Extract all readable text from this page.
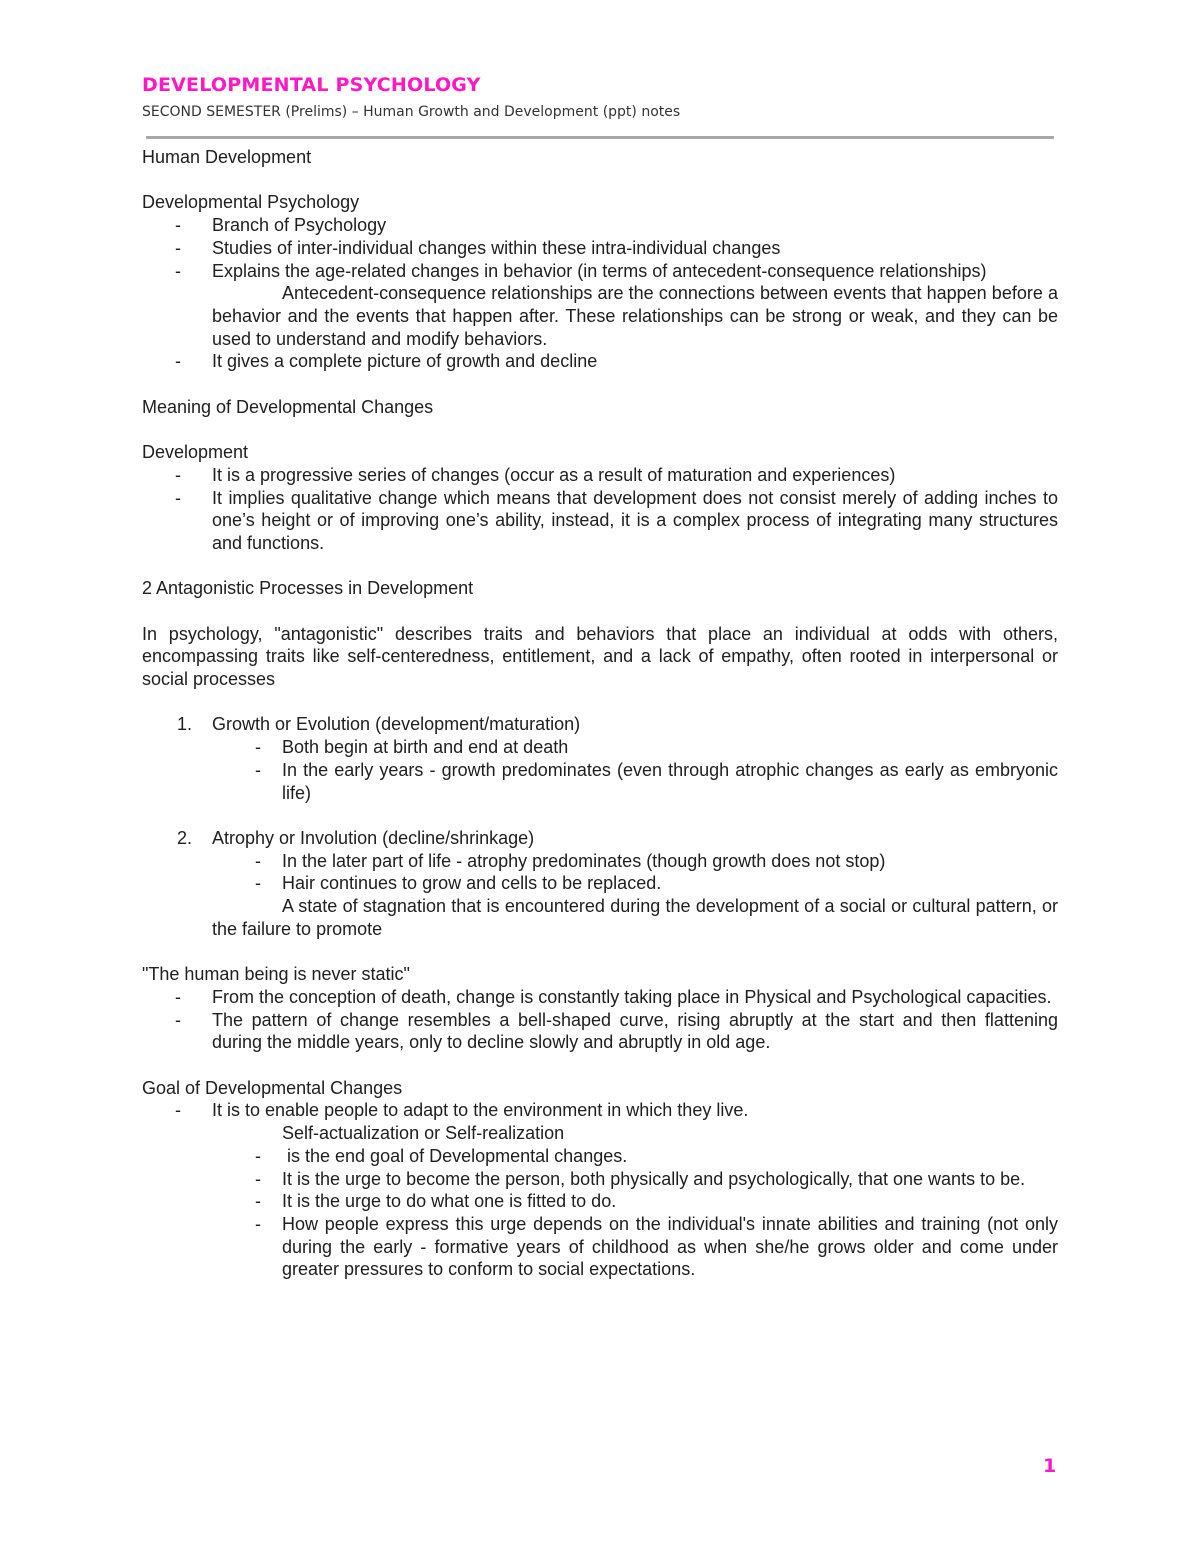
DEVELOPMENTAL PSYCHOLOGY

SECOND SEMESTER (Prelims) – Human Growth and Development (ppt) notes

Human Development

Developmental Psychology

- Branch of Psychology
- Studies of inter-individual changes within these intra-individual changes
- Explains the age-related changes in behavior (in terms of antecedent-consequence relationships)

Antecedent-consequence relationships are the connections between events that happen before a behavior and the events that happen after. These relationships can be strong or weak, and they can be used to understand and modify behaviors.

- It gives a complete picture of growth and decline

Meaning of Developmental Changes

Development

- It is a progressive series of changes (occur as a result of maturation and experiences)
- It implies qualitative change which means that development does not consist merely of adding inches to one’s height or of improving one’s ability, instead, it is a complex process of integrating many structures and functions.

2 Antagonistic Processes in Development

In psychology, "antagonistic" describes traits and behaviors that place an individual at odds with others, encompassing traits like self-centeredness, entitlement, and a lack of empathy, often rooted in interpersonal or social processes

1. Growth or Evolution (development/maturation)
- Both begin at birth and end at death
- In the early years - growth predominates (even through atrophic changes as early as embryonic life)
2. Atrophy or Involution (decline/shrinkage)
- In the later part of life - atrophy predominates (though growth does not stop)
- Hair continues to grow and cells to be replaced.

A state of stagnation that is encountered during the development of a social or cultural pattern, or the failure to promote

"The human being is never static"

- From the conception of death, change is constantly taking place in Physical and Psychological capacities.
- The pattern of change resembles a bell-shaped curve, rising abruptly at the start and then flattening during the middle years, only to decline slowly and abruptly in old age.

Goal of Developmental Changes

- It is to enable people to adapt to the environment in which they live.

Self-actualization or Self-realization

- is the end goal of Developmental changes.
- It is the urge to become the person, both physically and psychologically, that one wants to be.
- It is the urge to do what one is fitted to do.
- How people express this urge depends on the individual's innate abilities and training (not only during the early - formative years of childhood as when she/he grows older and come under greater pressures to conform to social expectations.
1
